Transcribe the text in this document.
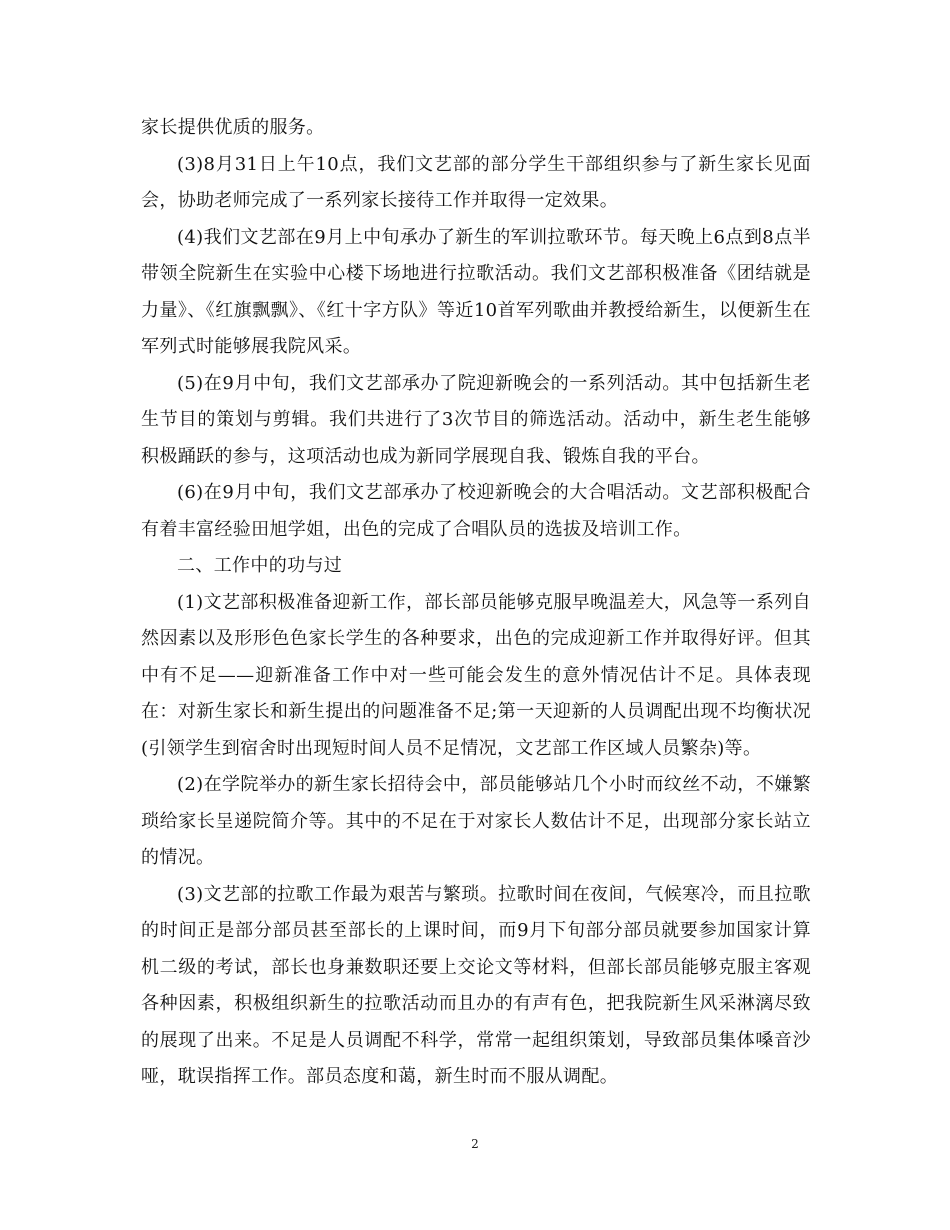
家长提供优质的服务。

(3)8月31日上午10点，我们文艺部的部分学生干部组织参与了新生家长见面会，协助老师完成了一系列家长接待工作并取得一定效果。

(4)我们文艺部在9月上中旬承办了新生的军训拉歌环节。每天晚上6点到8点半带领全院新生在实验中心楼下场地进行拉歌活动。我们文艺部积极准备《团结就是力量》、《红旗飘飘》、《红十字方队》等近10首军列歌曲并教授给新生，以便新生在军列式时能够展我院风采。

(5)在9月中旬，我们文艺部承办了院迎新晚会的一系列活动。其中包括新生老生节目的策划与剪辑。我们共进行了3次节目的筛选活动。活动中，新生老生能够积极踊跃的参与，这项活动也成为新同学展现自我、锻炼自我的平台。

(6)在9月中旬，我们文艺部承办了校迎新晚会的大合唱活动。文艺部积极配合有着丰富经验田旭学姐，出色的完成了合唱队员的选拔及培训工作。

二、工作中的功与过

(1)文艺部积极准备迎新工作，部长部员能够克服早晚温差大，风急等一系列自然因素以及形形色色家长学生的各种要求，出色的完成迎新工作并取得好评。但其中有不足——迎新准备工作中对一些可能会发生的意外情况估计不足。具体表现在：对新生家长和新生提出的问题准备不足;第一天迎新的人员调配出现不均衡状况(引领学生到宿舍时出现短时间人员不足情况，文艺部工作区域人员繁杂)等。

(2)在学院举办的新生家长招待会中，部员能够站几个小时而纹丝不动，不嫌繁琐给家长呈递院简介等。其中的不足在于对家长人数估计不足，出现部分家长站立的情况。

(3)文艺部的拉歌工作最为艰苦与繁琐。拉歌时间在夜间，气候寒冷，而且拉歌的时间正是部分部员甚至部长的上课时间，而9月下旬部分部员就要参加国家计算机二级的考试，部长也身兼数职还要上交论文等材料，但部长部员能够克服主客观各种因素，积极组织新生的拉歌活动而且办的有声有色，把我院新生风采淋漓尽致的展现了出来。不足是人员调配不科学，常常一起组织策划，导致部员集体嗓音沙哑，耽误指挥工作。部员态度和蔼，新生时而不服从调配。

2
